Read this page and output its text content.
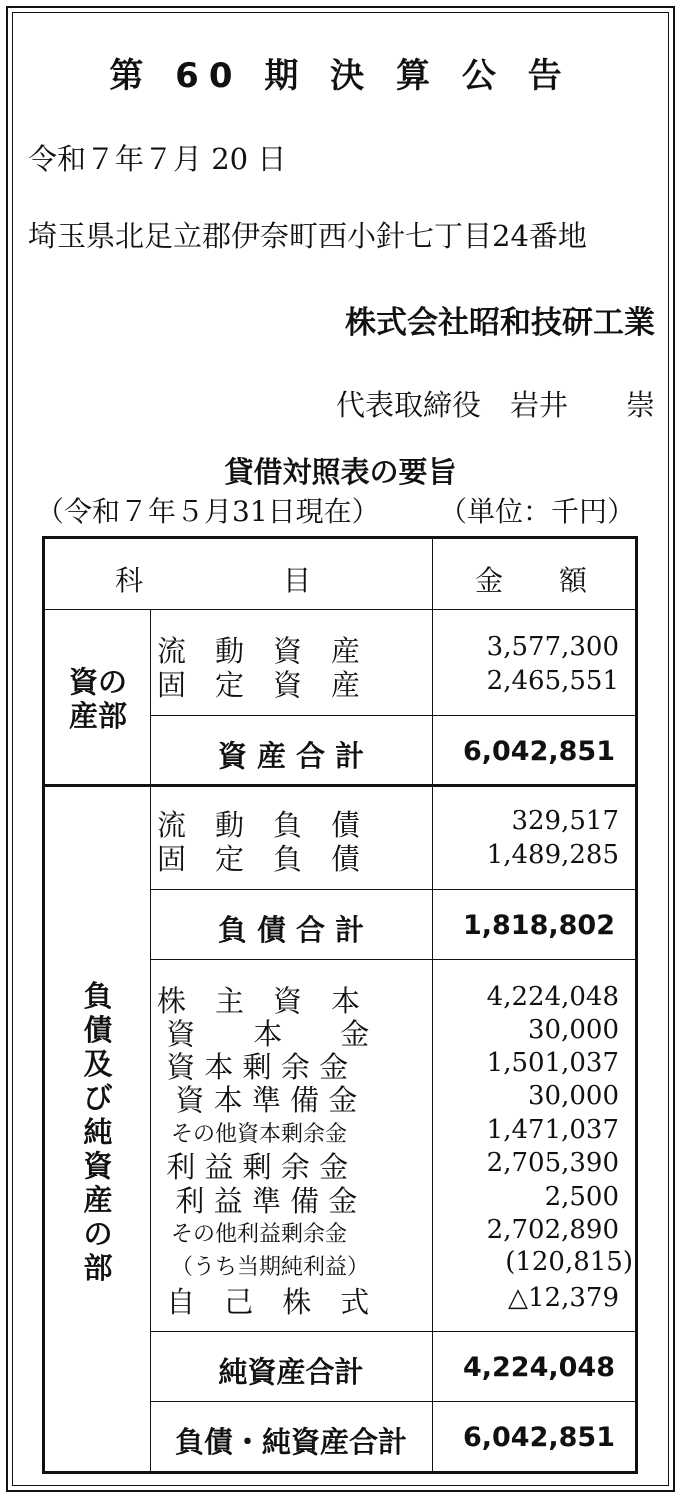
第 60 期 決 算 公 告
令和７年７月 20 日
埼玉県北足立郡伊奈町西小針七丁目24番地
株式会社昭和技研工業
代表取締役　岩井　　崇
貸借対照表の要旨
（令和７年５月31日現在） （単位：千円）
科　　　　　目	金　　額
資の
産部
流　動　資　産	3,577,300
固　定　資　産	2,465,551
資 産 合 計	6,042,851
負債及び純資産の部
流　動　負　債	329,517
固　定　負　債	1,489,285
負 債 合 計	1,818,802
株　主　資　本	4,224,048
資　　本　　金	30,000
資 本 剰 余 金	1,501,037
資 本 準 備 金	30,000
その他資本剰余金	1,471,037
利 益 剰 余 金	2,705,390
利 益 準 備 金	2,500
その他利益剰余金	2,702,890
（うち当期純利益）	(120,815)
自　己　株　式	△12,379
純資産合計	4,224,048
負債・純資産合計	6,042,851
